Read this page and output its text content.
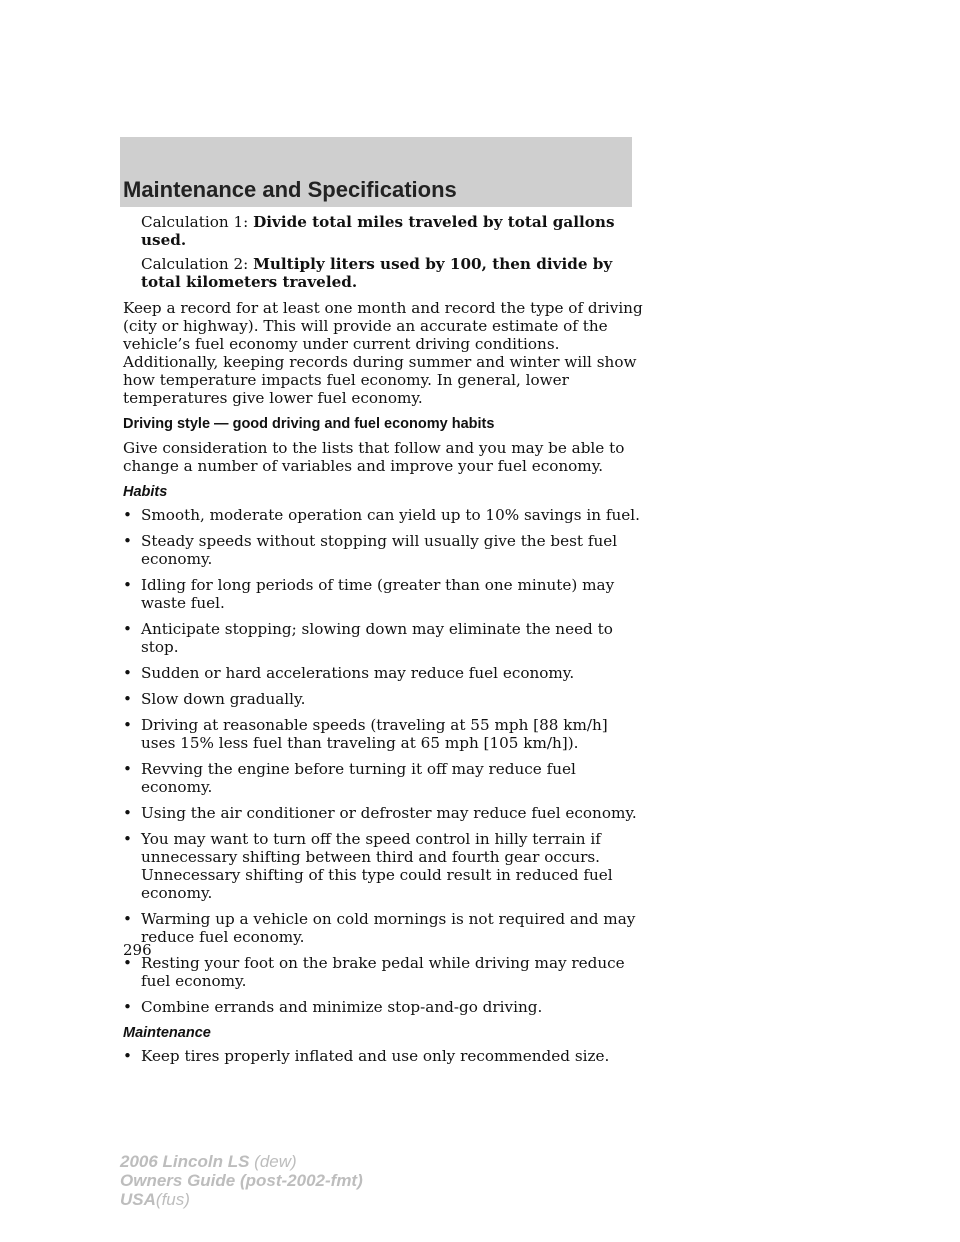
Maintenance and Specifications

Calculation 1: Divide total miles traveled by total gallons used.

Calculation 2: Multiply liters used by 100, then divide by total kilometers traveled.

Keep a record for at least one month and record the type of driving (city or highway). This will provide an accurate estimate of the vehicle’s fuel economy under current driving conditions. Additionally, keeping records during summer and winter will show how temperature impacts fuel economy. In general, lower temperatures give lower fuel economy.

Driving style — good driving and fuel economy habits

Give consideration to the lists that follow and you may be able to change a number of variables and improve your fuel economy.

Habits

• Smooth, moderate operation can yield up to 10% savings in fuel.
• Steady speeds without stopping will usually give the best fuel economy.
• Idling for long periods of time (greater than one minute) may waste fuel.
• Anticipate stopping; slowing down may eliminate the need to stop.
• Sudden or hard accelerations may reduce fuel economy.
• Slow down gradually.
• Driving at reasonable speeds (traveling at 55 mph [88 km/h] uses 15% less fuel than traveling at 65 mph [105 km/h]).
• Revving the engine before turning it off may reduce fuel economy.
• Using the air conditioner or defroster may reduce fuel economy.
• You may want to turn off the speed control in hilly terrain if unnecessary shifting between third and fourth gear occurs. Unnecessary shifting of this type could result in reduced fuel economy.
• Warming up a vehicle on cold mornings is not required and may reduce fuel economy.
• Resting your foot on the brake pedal while driving may reduce fuel economy.
• Combine errands and minimize stop-and-go driving.

Maintenance

• Keep tires properly inflated and use only recommended size.
296
2006 Lincoln LS (dew)
Owners Guide (post-2002-fmt)
USA(fus)
